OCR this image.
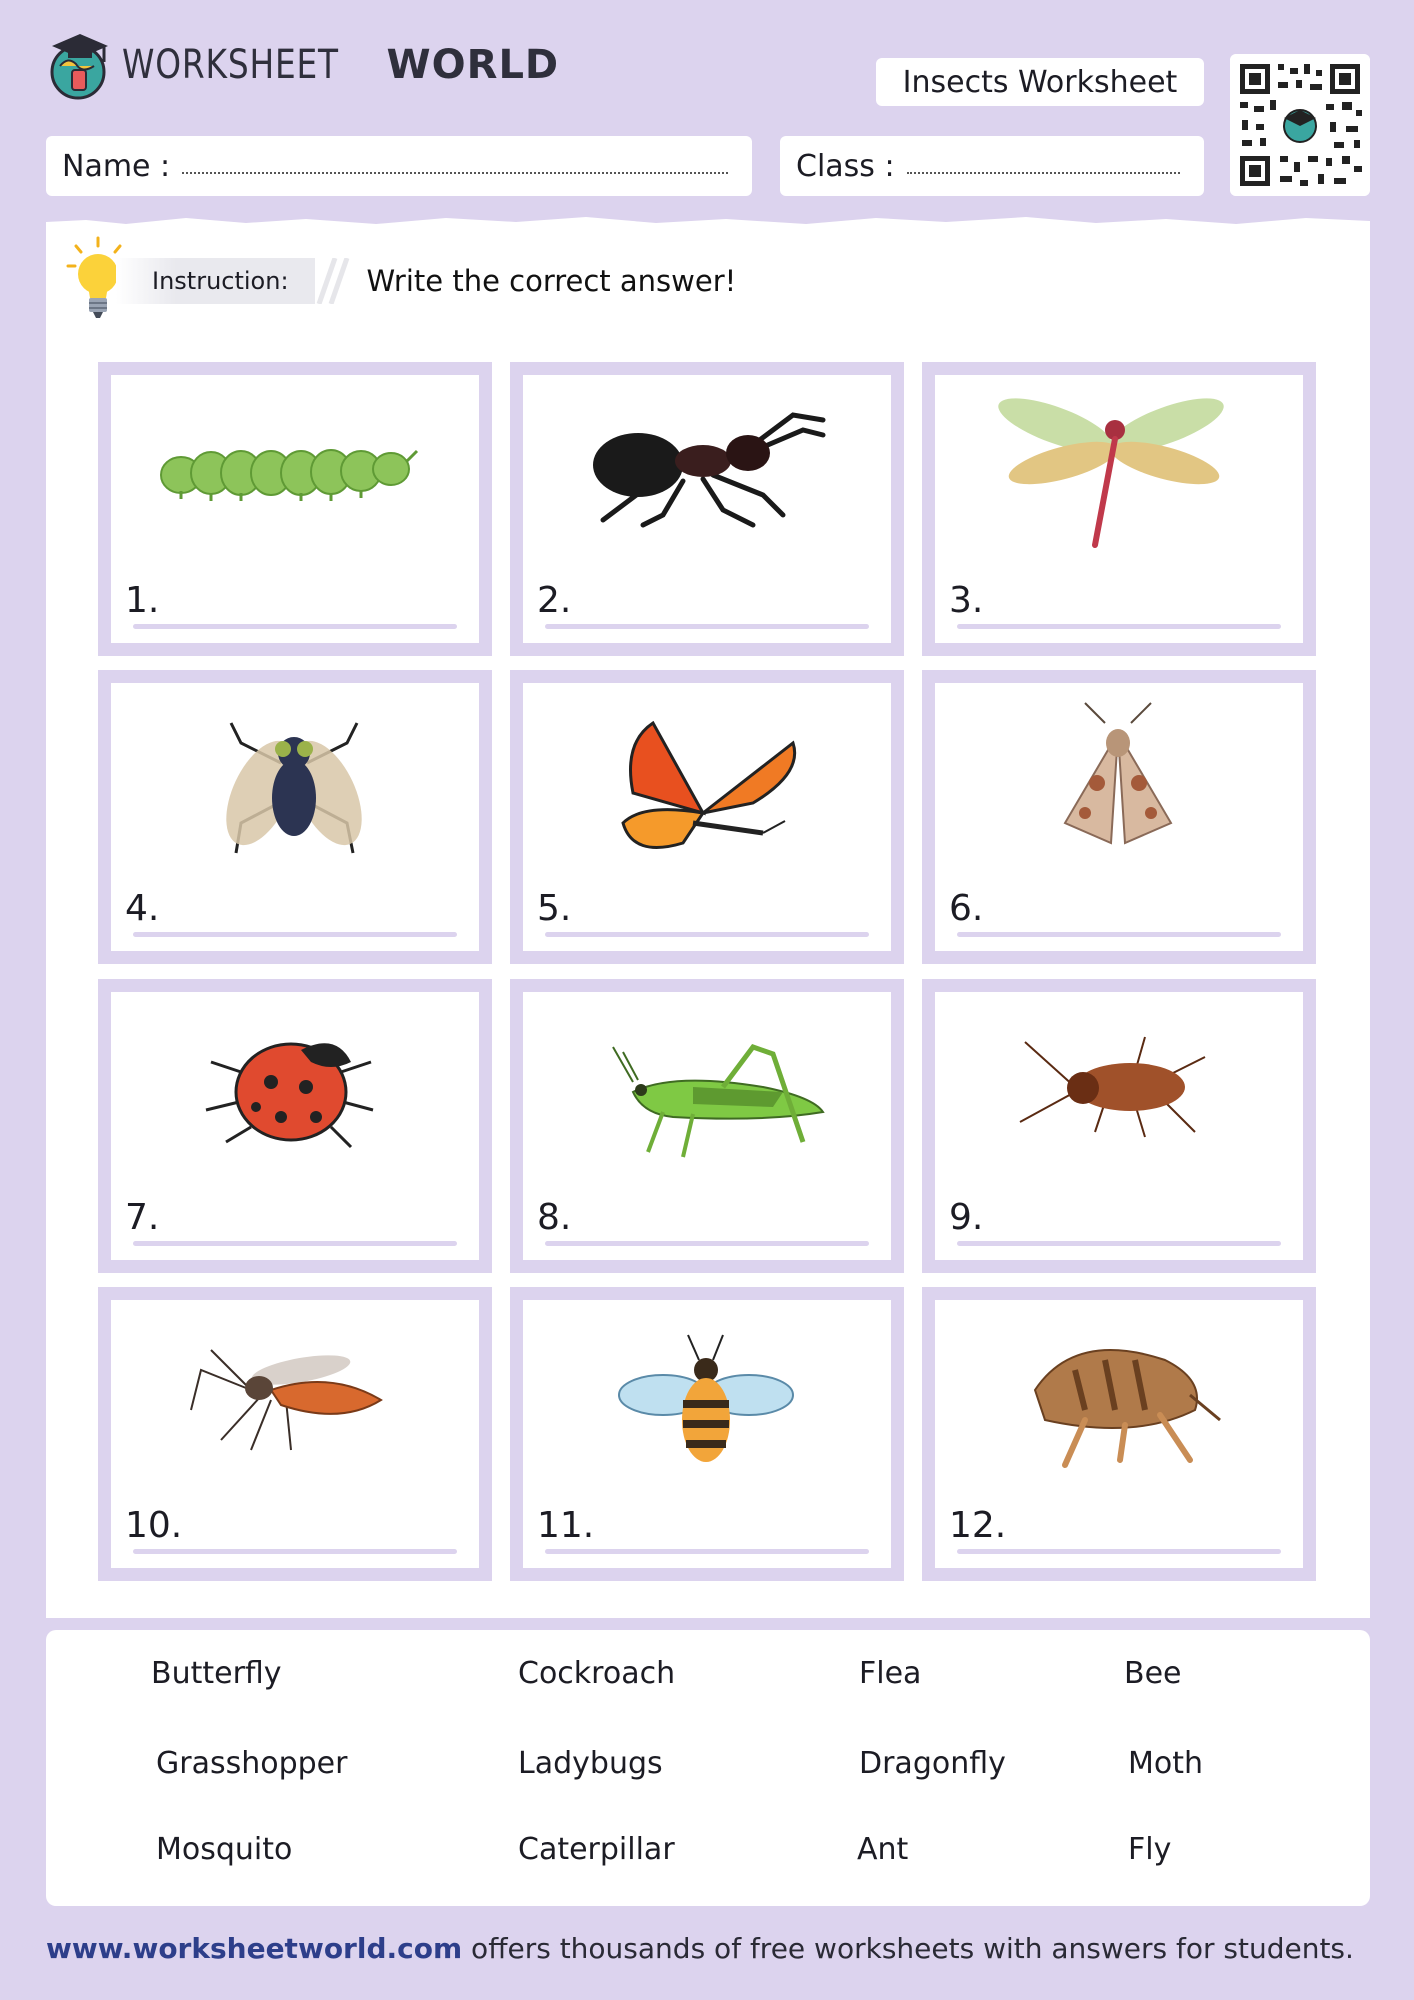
WORKSHEET WORLD	Insects Worksheet
Name :	Class :
Instruction:	Write the correct answer!
1.	2.	3.
4.	5.	6.
7.	8.	9.
10.	11.	12.
Butterfly	Cockroach	Flea	Bee
Grasshopper	Ladybugs	Dragonfly	Moth
Mosquito	Caterpillar	Ant	Fly
www.worksheetworld.com offers thousands of free worksheets with answers for students.
